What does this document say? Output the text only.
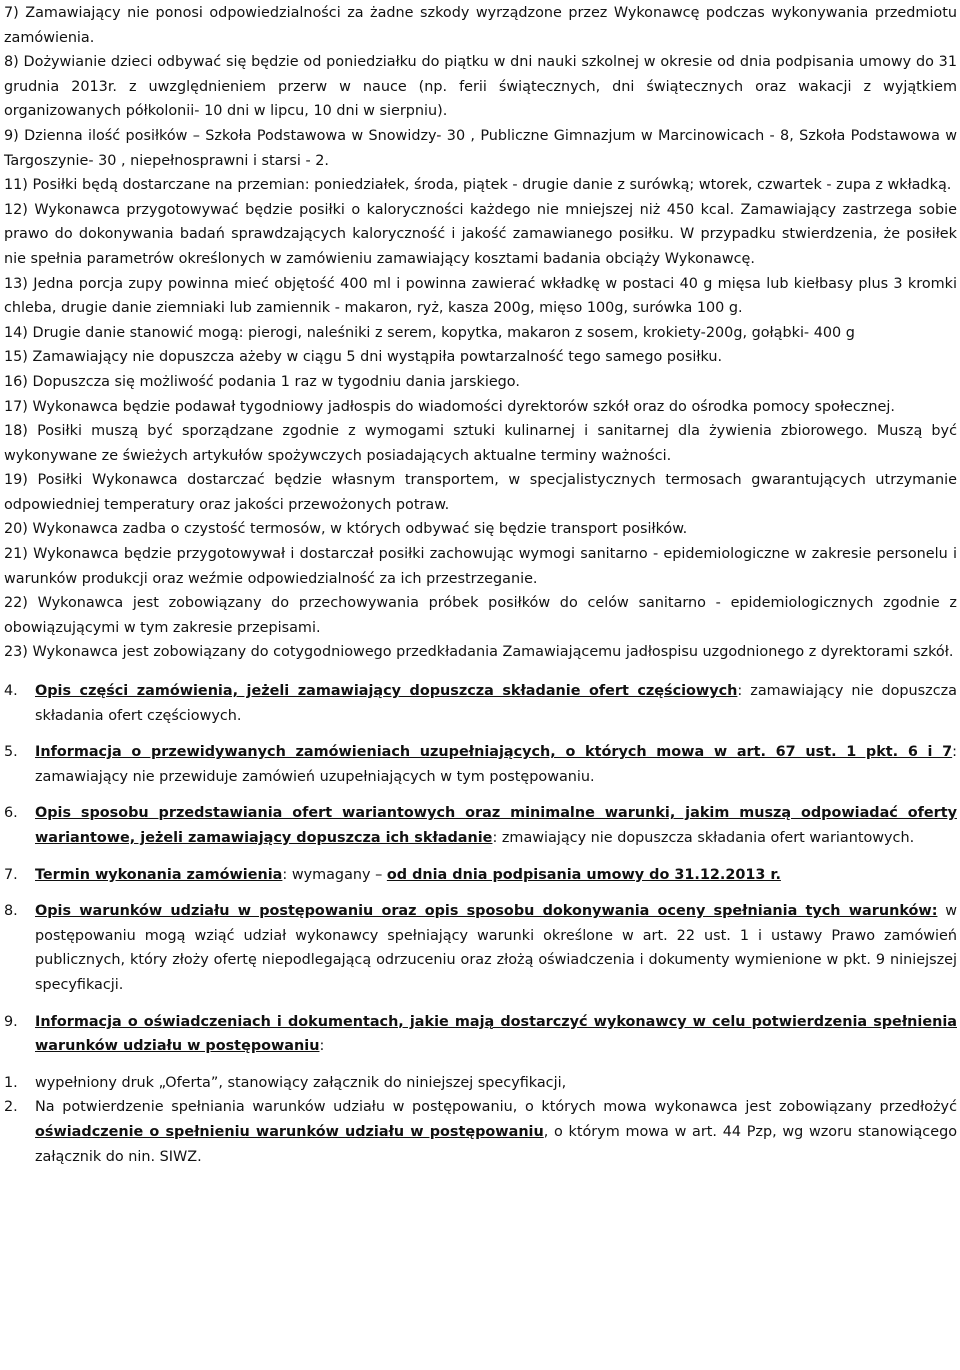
7) Zamawiający nie ponosi odpowiedzialności za żadne szkody wyrządzone przez Wykonawcę podczas wykonywania przedmiotu zamówienia.

8) Dożywianie dzieci odbywać się będzie od poniedziałku do piątku w dni nauki szkolnej w okresie od dnia podpisania umowy do 31 grudnia 2013r. z uwzględnieniem przerw w nauce (np. ferii świątecznych, dni świątecznych oraz wakacji z wyjątkiem organizowanych półkolonii- 10 dni w lipcu, 10 dni w sierpniu).

9) Dzienna ilość posiłków – Szkoła Podstawowa w Snowidzy- 30 , Publiczne Gimnazjum w Marcinowicach - 8, Szkoła Podstawowa w Targoszynie- 30 , niepełnosprawni i starsi - 2.

11) Posiłki będą dostarczane na przemian: poniedziałek, środa, piątek - drugie danie z surówką; wtorek, czwartek - zupa z wkładką.

12) Wykonawca przygotowywać będzie posiłki o kaloryczności każdego nie mniejszej niż 450 kcal. Zamawiający zastrzega sobie prawo do dokonywania badań sprawdzających kaloryczność i jakość zamawianego posiłku. W przypadku stwierdzenia, że posiłek nie spełnia parametrów określonych w zamówieniu zamawiający kosztami badania obciąży Wykonawcę.

13) Jedna porcja zupy powinna mieć objętość 400 ml i powinna zawierać wkładkę w postaci 40 g mięsa lub kiełbasy plus 3 kromki chleba, drugie danie ziemniaki lub zamiennik - makaron, ryż, kasza 200g, mięso 100g, surówka 100 g.

14) Drugie danie stanowić mogą: pierogi, naleśniki z serem, kopytka, makaron z sosem, krokiety-200g, gołąbki- 400 g

15) Zamawiający nie dopuszcza ażeby w ciągu 5 dni wystąpiła powtarzalność tego samego posiłku.

16) Dopuszcza się możliwość podania 1 raz w tygodniu dania jarskiego.

17) Wykonawca będzie podawał tygodniowy jadłospis do wiadomości dyrektorów szkół oraz do ośrodka pomocy społecznej.

18) Posiłki muszą być sporządzane zgodnie z wymogami sztuki kulinarnej i sanitarnej dla żywienia zbiorowego. Muszą być wykonywane ze świeżych artykułów spożywczych posiadających aktualne terminy ważności.

19) Posiłki Wykonawca dostarczać będzie własnym transportem, w specjalistycznych termosach gwarantujących utrzymanie odpowiedniej temperatury oraz jakości przewożonych potraw.

20) Wykonawca zadba o czystość termosów, w których odbywać się będzie transport posiłków.

21) Wykonawca będzie przygotowywał i dostarczał posiłki zachowując wymogi sanitarno - epidemiologiczne w zakresie personelu i warunków produkcji oraz weźmie odpowiedzialność za ich przestrzeganie.

22) Wykonawca jest zobowiązany do przechowywania próbek posiłków do celów sanitarno - epidemiologicznych zgodnie z obowiązującymi w tym zakresie przepisami.

23) Wykonawca jest zobowiązany do cotygodniowego przedkładania Zamawiającemu jadłospisu uzgodnionego z dyrektorami szkół.

4.	Opis części zamówienia, jeżeli zamawiający dopuszcza składanie ofert częściowych: zamawiający nie dopuszcza składania ofert częściowych.
5.	Informacja o przewidywanych zamówieniach uzupełniających, o których mowa w art. 67 ust. 1 pkt. 6 i 7: zamawiający nie przewiduje zamówień uzupełniających w tym postępowaniu.
6.	Opis sposobu przedstawiania ofert wariantowych oraz minimalne warunki, jakim muszą odpowiadać oferty wariantowe, jeżeli zamawiający dopuszcza ich składanie: zmawiający nie dopuszcza składania ofert wariantowych.
7.	Termin wykonania zamówienia: wymagany – od dnia dnia podpisania umowy do 31.12.2013 r.
8.	Opis warunków udziału w postępowaniu oraz opis sposobu dokonywania oceny spełniania tych warunków: w postępowaniu mogą wziąć udział wykonawcy spełniający warunki określone w art. 22 ust. 1 i ustawy Prawo zamówień publicznych, który złoży ofertę niepodlegającą odrzuceniu oraz złożą oświadczenia i dokumenty wymienione w pkt. 9 niniejszej specyfikacji.
9.	Informacja o oświadczeniach i dokumentach, jakie mają dostarczyć wykonawcy w celu potwierdzenia spełnienia warunków udziału w postępowaniu:
1.	wypełniony druk „Oferta”, stanowiący załącznik do niniejszej specyfikacji,
2.	Na potwierdzenie spełniania warunków udziału w postępowaniu, o których mowa wykonawca jest zobowiązany przedłożyć oświadczenie o spełnieniu warunków udziału w postępowaniu, o którym mowa w art. 44 Pzp, wg wzoru stanowiącego załącznik do nin. SIWZ.
